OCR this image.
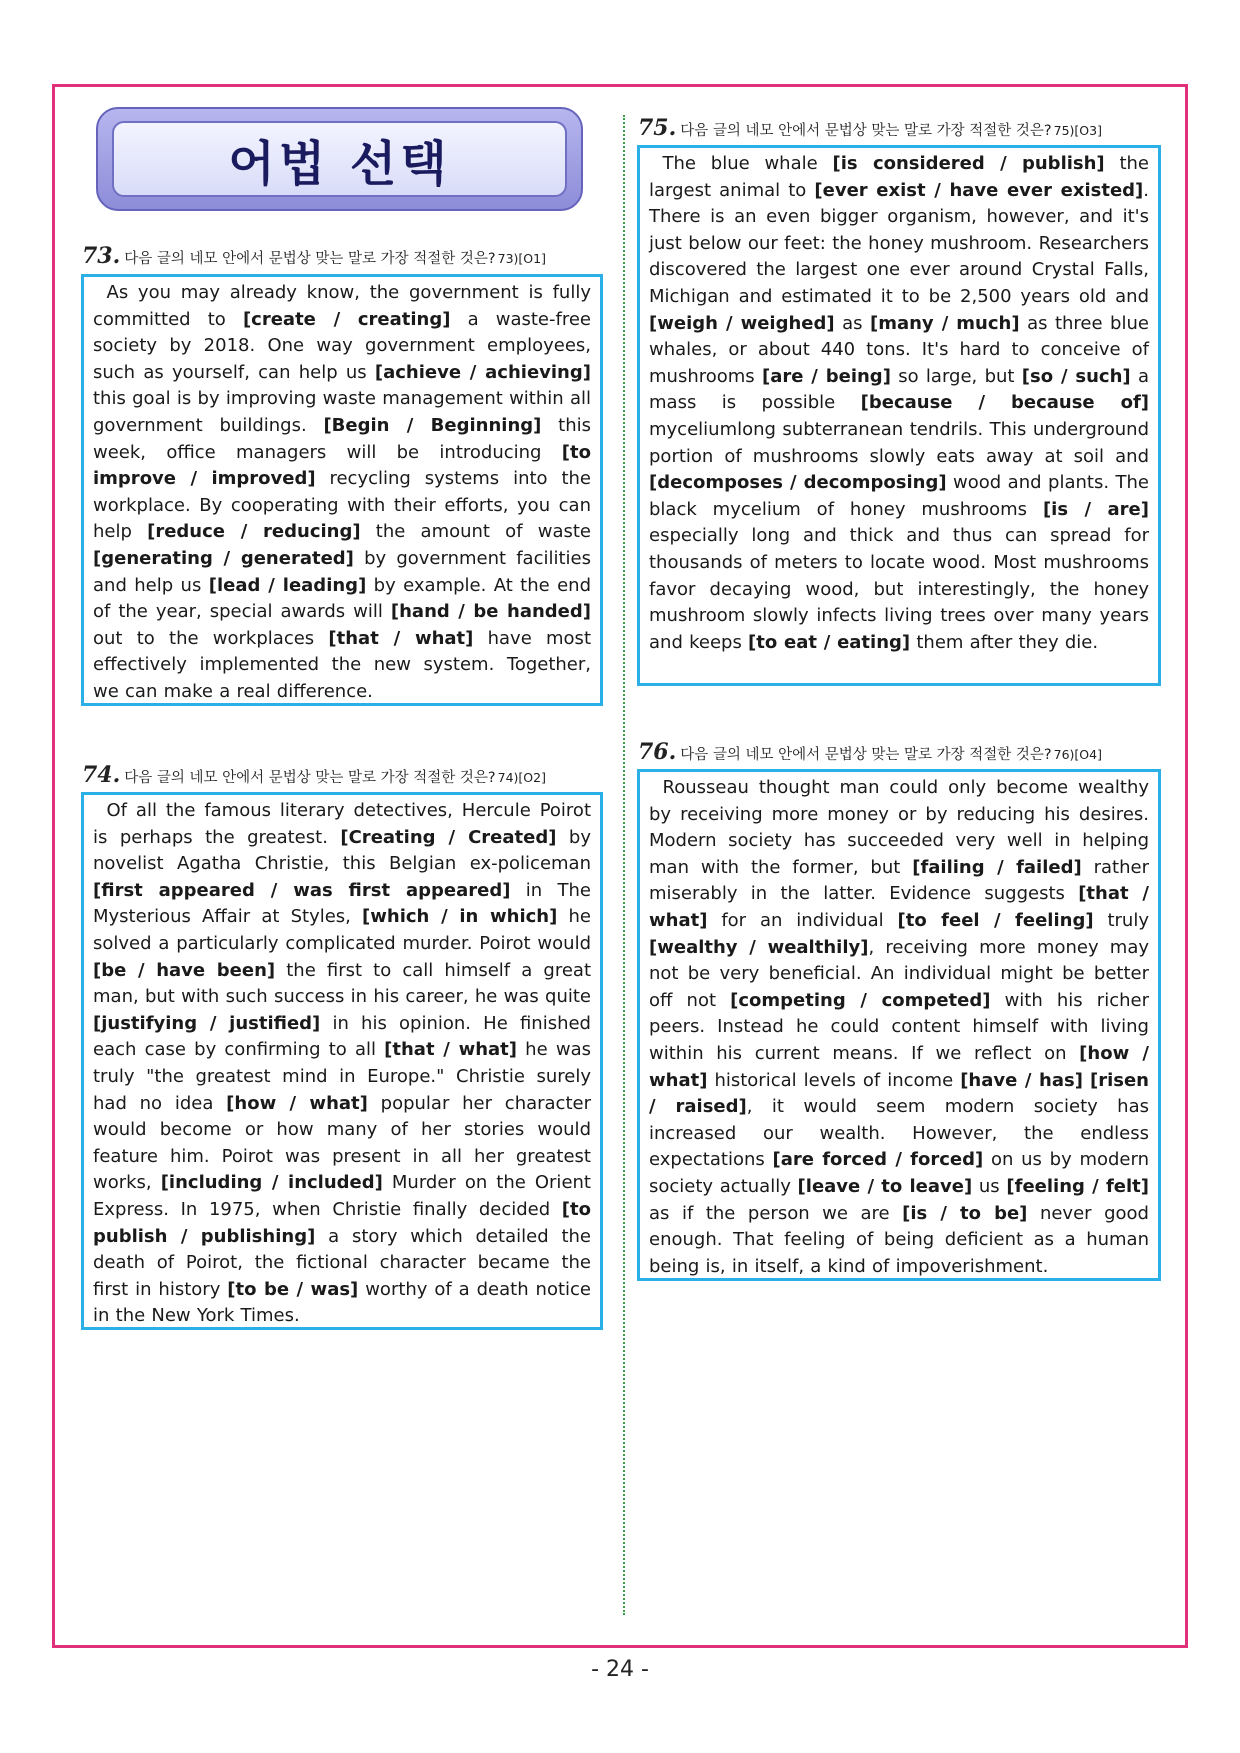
어법 선택
73. 다음 글의 네모 안에서 문법상 맞는 말로 가장 적절한 것은? 73)[O1]

As you may already know, the government is fully committed to [create / creating] a waste-free society by 2018. One way government employees, such as yourself, can help us [achieve / achieving] this goal is by improving waste management within all government buildings. [Begin / Beginning] this week, office managers will be introducing [to improve / improved] recycling systems into the workplace. By cooperating with their efforts, you can help [reduce / reducing] the amount of waste [generating / generated] by government facilities and help us [lead / leading] by example. At the end of the year, special awards will [hand / be handed] out to the workplaces [that / what] have most effectively implemented the new system. Together, we can make a real difference.

74. 다음 글의 네모 안에서 문법상 맞는 말로 가장 적절한 것은? 74)[O2]

Of all the famous literary detectives, Hercule Poirot is perhaps the greatest. [Creating / Created] by novelist Agatha Christie, this Belgian ex-policeman [first appeared / was first appeared] in The Mysterious Affair at Styles, [which / in which] he solved a particularly complicated murder. Poirot would [be / have been] the first to call himself a great man, but with such success in his career, he was quite [justifying / justified] in his opinion. He finished each case by confirming to all [that / what] he was truly "the greatest mind in Europe." Christie surely had no idea [how / what] popular her character would become or how many of her stories would feature him. Poirot was present in all her greatest works, [including / included] Murder on the Orient Express. In 1975, when Christie finally decided [to publish / publishing] a story which detailed the death of Poirot, the fictional character became the first in history [to be / was] worthy of a death notice in the New York Times.

75. 다음 글의 네모 안에서 문법상 맞는 말로 가장 적절한 것은? 75)[O3]

The blue whale [is considered / publish] the largest animal to [ever exist / have ever existed]. There is an even bigger organism, however, and it's just below our feet: the honey mushroom. Researchers discovered the largest one ever around Crystal Falls, Michigan and estimated it to be 2,500 years old and [weigh / weighed] as [many / much] as three blue whales, or about 440 tons. It's hard to conceive of mushrooms [are / being] so large, but [so / such] a mass is possible [because / because of] myceliumlong subterranean tendrils. This underground portion of mushrooms slowly eats away at soil and [decomposes / decomposing] wood and plants. The black mycelium of honey mushrooms [is / are] especially long and thick and thus can spread for thousands of meters to locate wood. Most mushrooms favor decaying wood, but interestingly, the honey mushroom slowly infects living trees over many years and keeps [to eat / eating] them after they die.

76. 다음 글의 네모 안에서 문법상 맞는 말로 가장 적절한 것은? 76)[O4]

Rousseau thought man could only become wealthy by receiving more money or by reducing his desires. Modern society has succeeded very well in helping man with the former, but [failing / failed] rather miserably in the latter. Evidence suggests [that / what] for an individual [to feel / feeling] truly [wealthy / wealthily], receiving more money may not be very beneficial. An individual might be better off not [competing / competed] with his richer peers. Instead he could content himself with living within his current means. If we reflect on [how / what] historical levels of income [have / has] [risen / raised], it would seem modern society has increased our wealth. However, the endless expectations [are forced / forced] on us by modern society actually [leave / to leave] us [feeling / felt] as if the person we are [is / to be] never good enough. That feeling of being deficient as a human being is, in itself, a kind of impoverishment.

- 24 -
